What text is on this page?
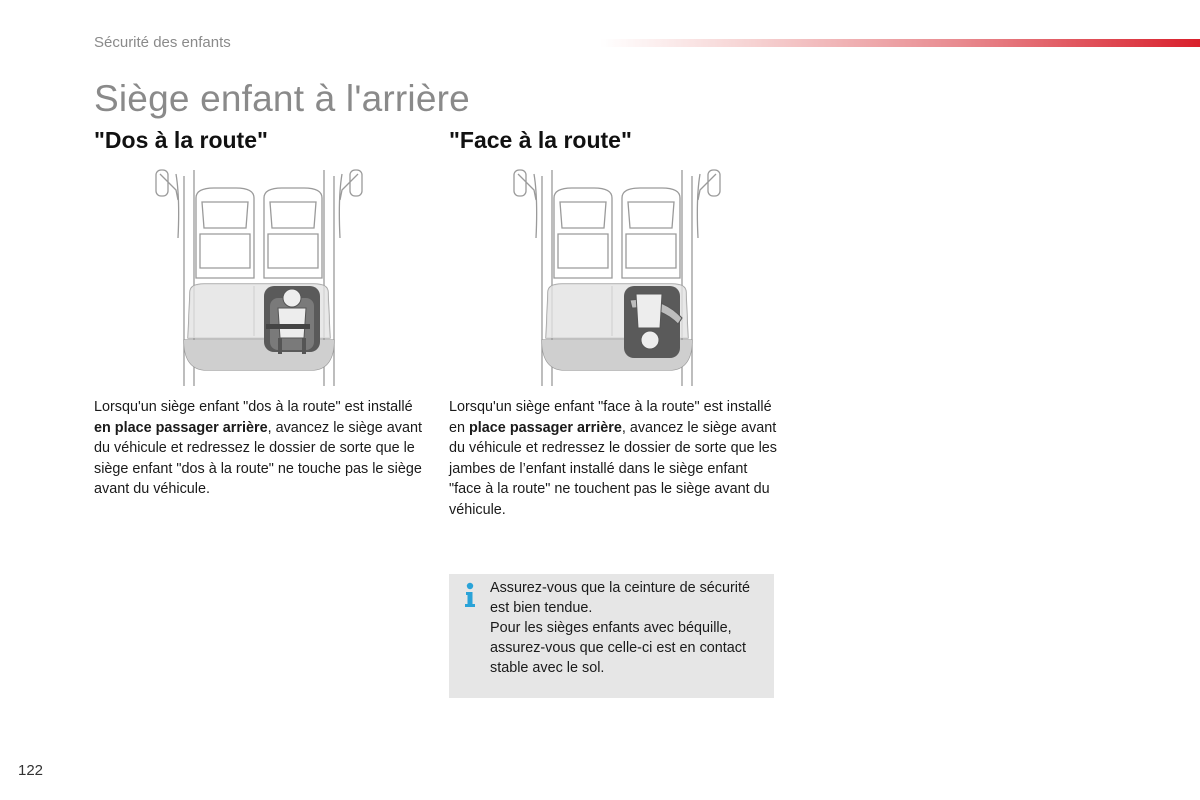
Sécurité des enfants
Siège enfant à l'arrière
"Dos à la route"
Lorsqu'un siège enfant "dos à la route" est installé en place passager arrière, avancez le siège avant du véhicule et redressez le dossier de sorte que le siège enfant "dos à la route" ne touche pas le siège avant du véhicule.
"Face à la route"
Lorsqu'un siège enfant "face à la route" est installé en place passager arrière, avancez le siège avant du véhicule et redressez le dossier de sorte que les jambes de l’enfant installé dans le siège enfant "face à la route" ne touchent pas le siège avant du véhicule.
Assurez-vous que la ceinture de sécurité est bien tendue.
Pour les sièges enfants avec béquille, assurez-vous que celle-ci est en contact stable avec le sol.
122
